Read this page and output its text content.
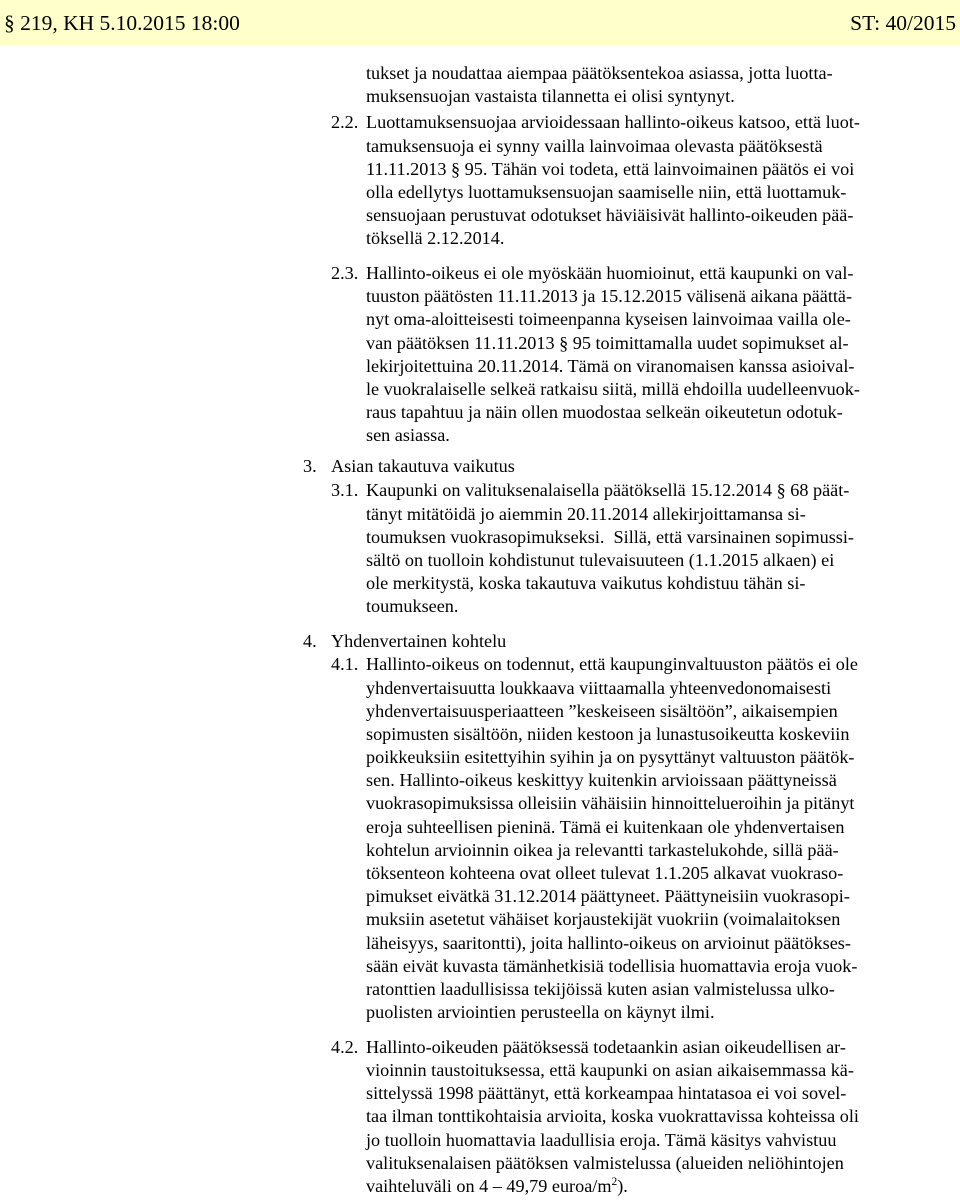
§ 219, KH 5.10.2015 18:00	ST: 40/2015
tukset ja noudattaa aiempaa päätöksentekoa asiassa, jotta luotta-
muksensuojan vastaista tilannetta ei olisi syntynyt.
2.2. Luottamuksensuojaa arvioidessaan hallinto-oikeus katsoo, että luot-
tamuksensuoja ei synny vailla lainvoimaa olevasta päätöksestä
11.11.2013 § 95. Tähän voi todeta, että lainvoimainen päätös ei voi
olla edellytys luottamuksensuojan saamiselle niin, että luottamuk-
sensuojaan perustuvat odotukset häviäisivät hallinto-oikeuden pää-
töksellä 2.12.2014.
2.3. Hallinto-oikeus ei ole myöskään huomioinut, että kaupunki on val-
tuuston päätösten 11.11.2013 ja 15.12.2015 välisenä aikana päättä-
nyt oma-aloitteisesti toimeenpanna kyseisen lainvoimaa vailla ole-
van päätöksen 11.11.2013 § 95 toimittamalla uudet sopimukset al-
lekirjoitettuina 20.11.2014. Tämä on viranomaisen kanssa asioival-
le vuokralaiselle selkeä ratkaisu siitä, millä ehdoilla uudelleenvuok-
raus tapahtuu ja näin ollen muodostaa selkeän oikeutetun odotuk-
sen asiassa.
3. Asian takautuva vaikutus
3.1. Kaupunki on valituksenalaisella päätöksellä 15.12.2014 § 68 päät-
tänyt mitätöidä jo aiemmin 20.11.2014 allekirjoittamansa si-
toumuksen vuokrasopimukseksi.  Sillä, että varsinainen sopimussi-
sältö on tuolloin kohdistunut tulevaisuuteen (1.1.2015 alkaen) ei
ole merkitystä, koska takautuva vaikutus kohdistuu tähän si-
toumukseen.
4. Yhdenvertainen kohtelu
4.1. Hallinto-oikeus on todennut, että kaupunginvaltuuston päätös ei ole
yhdenvertaisuutta loukkaava viittaamalla yhteenvedonomaisesti
yhdenvertaisuusperiaatteen ”keskeiseen sisältöön”, aikaisempien
sopimusten sisältöön, niiden kestoon ja lunastusoikeutta koskeviin
poikkeuksiin esitettyihin syihin ja on pysyttänyt valtuuston päätök-
sen. Hallinto-oikeus keskittyy kuitenkin arvioissaan päättyneissä
vuokrasopimuksissa olleisiin vähäisiin hinnoittelueroihin ja pitänyt
eroja suhteellisen pieninä. Tämä ei kuitenkaan ole yhdenvertaisen
kohtelun arvioinnin oikea ja relevantti tarkastelukohde, sillä pää-
töksenteon kohteena ovat olleet tulevat 1.1.205 alkavat vuokraso-
pimukset eivätkä 31.12.2014 päättyneet. Päättyneisiin vuokrasopi-
muksiin asetetut vähäiset korjaustekijät vuokriin (voimalaitoksen
läheisyys, saaritontti), joita hallinto-oikeus on arvioinut päätökses-
sään eivät kuvasta tämänhetkisiä todellisia huomattavia eroja vuok-
ratonttien laadullisissa tekijöissä kuten asian valmistelussa ulko-
puolisten arviointien perusteella on käynyt ilmi.
4.2. Hallinto-oikeuden päätöksessä todetaankin asian oikeudellisen ar-
vioinnin taustoituksessa, että kaupunki on asian aikaisemmassa kä-
sittelyssä 1998 päättänyt, että korkeampaa hintatasoa ei voi sovel-
taa ilman tonttikohtaisia arvioita, koska vuokrattavissa kohteissa oli
jo tuolloin huomattavia laadullisia eroja. Tämä käsitys vahvistuu
valituksenalaisen päätöksen valmistelussa (alueiden neliöhintojen
vaihteluväli on 4 – 49,79 euroa/$m^2$).
